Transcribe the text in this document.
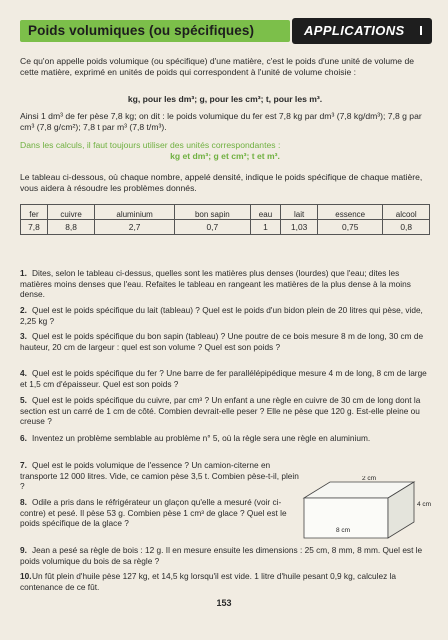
Poids volumiques (ou spécifiques)	APPLICATIONS
Ce qu'on appelle poids volumique (ou spécifique) d'une matière, c'est le poids d'une unité de volume de cette matière, exprimé en unités de poids qui correspondent à l'unité de volume choisie :
kg, pour les dm³; g, pour les cm³; t, pour les m³.
Ainsi 1 dm³ de fer pèse 7,8 kg; on dit : le poids volumique du fer est 7,8 kg par dm³ (7,8 kg/dm³); 7,8 g par cm³ (7,8 g/cm²); 7,8 t par m³ (7,8 t/m³).
Dans les calculs, il faut toujours utiliser des unités correspondantes :
kg et dm³; g et cm³; t et m³.
Le tableau ci-dessous, où chaque nombre, appelé densité, indique le poids spécifique de chaque matière, vous aidera à résoudre les problèmes donnés.
fer	cuivre	aluminium	bon sapin	eau	lait	essence	alcool
7,8	8,8	2,7	0,7	1	1,03	0,75	0,8
1. Dites, selon le tableau ci-dessus, quelles sont les matières plus denses (lourdes) que l'eau; dites les matières moins denses que l'eau. Refaites le tableau en rangeant les matières de la plus dense à la moins dense.
2. Quel est le poids spécifique du lait (tableau) ? Quel est le poids d'un bidon plein de 20 litres qui pèse, vide, 2,25 kg ?
3. Quel est le poids spécifique du bon sapin (tableau) ? Une poutre de ce bois mesure 8 m de long, 30 cm de hauteur, 20 cm de largeur : quel est son volume ? Quel est son poids ?
4. Quel est le poids spécifique du fer ? Une barre de fer parallélépipédique mesure 4 m de long, 8 cm de large et 1,5 cm d'épaisseur. Quel est son poids ?
5. Quel est le poids spécifique du cuivre, par cm³ ? Un enfant a une règle en cuivre de 30 cm de long dont la section est un carré de 1 cm de côté. Combien devrait-elle peser ? Elle ne pèse que 120 g. Est-elle pleine ou creuse ?
6. Inventez un problème semblable au problème n° 5, où la règle sera une règle en aluminium.
7. Quel est le poids volumique de l'essence ? Un camion-citerne en transporte 12 000 litres. Vide, ce camion pèse 3,5 t. Combien pèse-t-il, plein ?
8. Odile a pris dans le réfrigérateur un glaçon qu'elle a mesuré (voir ci-contre) et pesé. Il pèse 53 g. Combien pèse 1 cm³ de glace ? Quel est le poids spécifique de la glace ?
9. Jean a pesé sa règle de bois : 12 g. Il en mesure ensuite les dimensions : 25 cm, 8 mm, 8 mm. Quel est le poids volumique du bois de sa règle ?
10.Un fût plein d'huile pèse 127 kg, et 14,5 kg lorsqu'il est vide. 1 litre d'huile pesant 0,9 kg, calculez la contenance de ce fût.
2 cm
4 cm
8 cm
153
